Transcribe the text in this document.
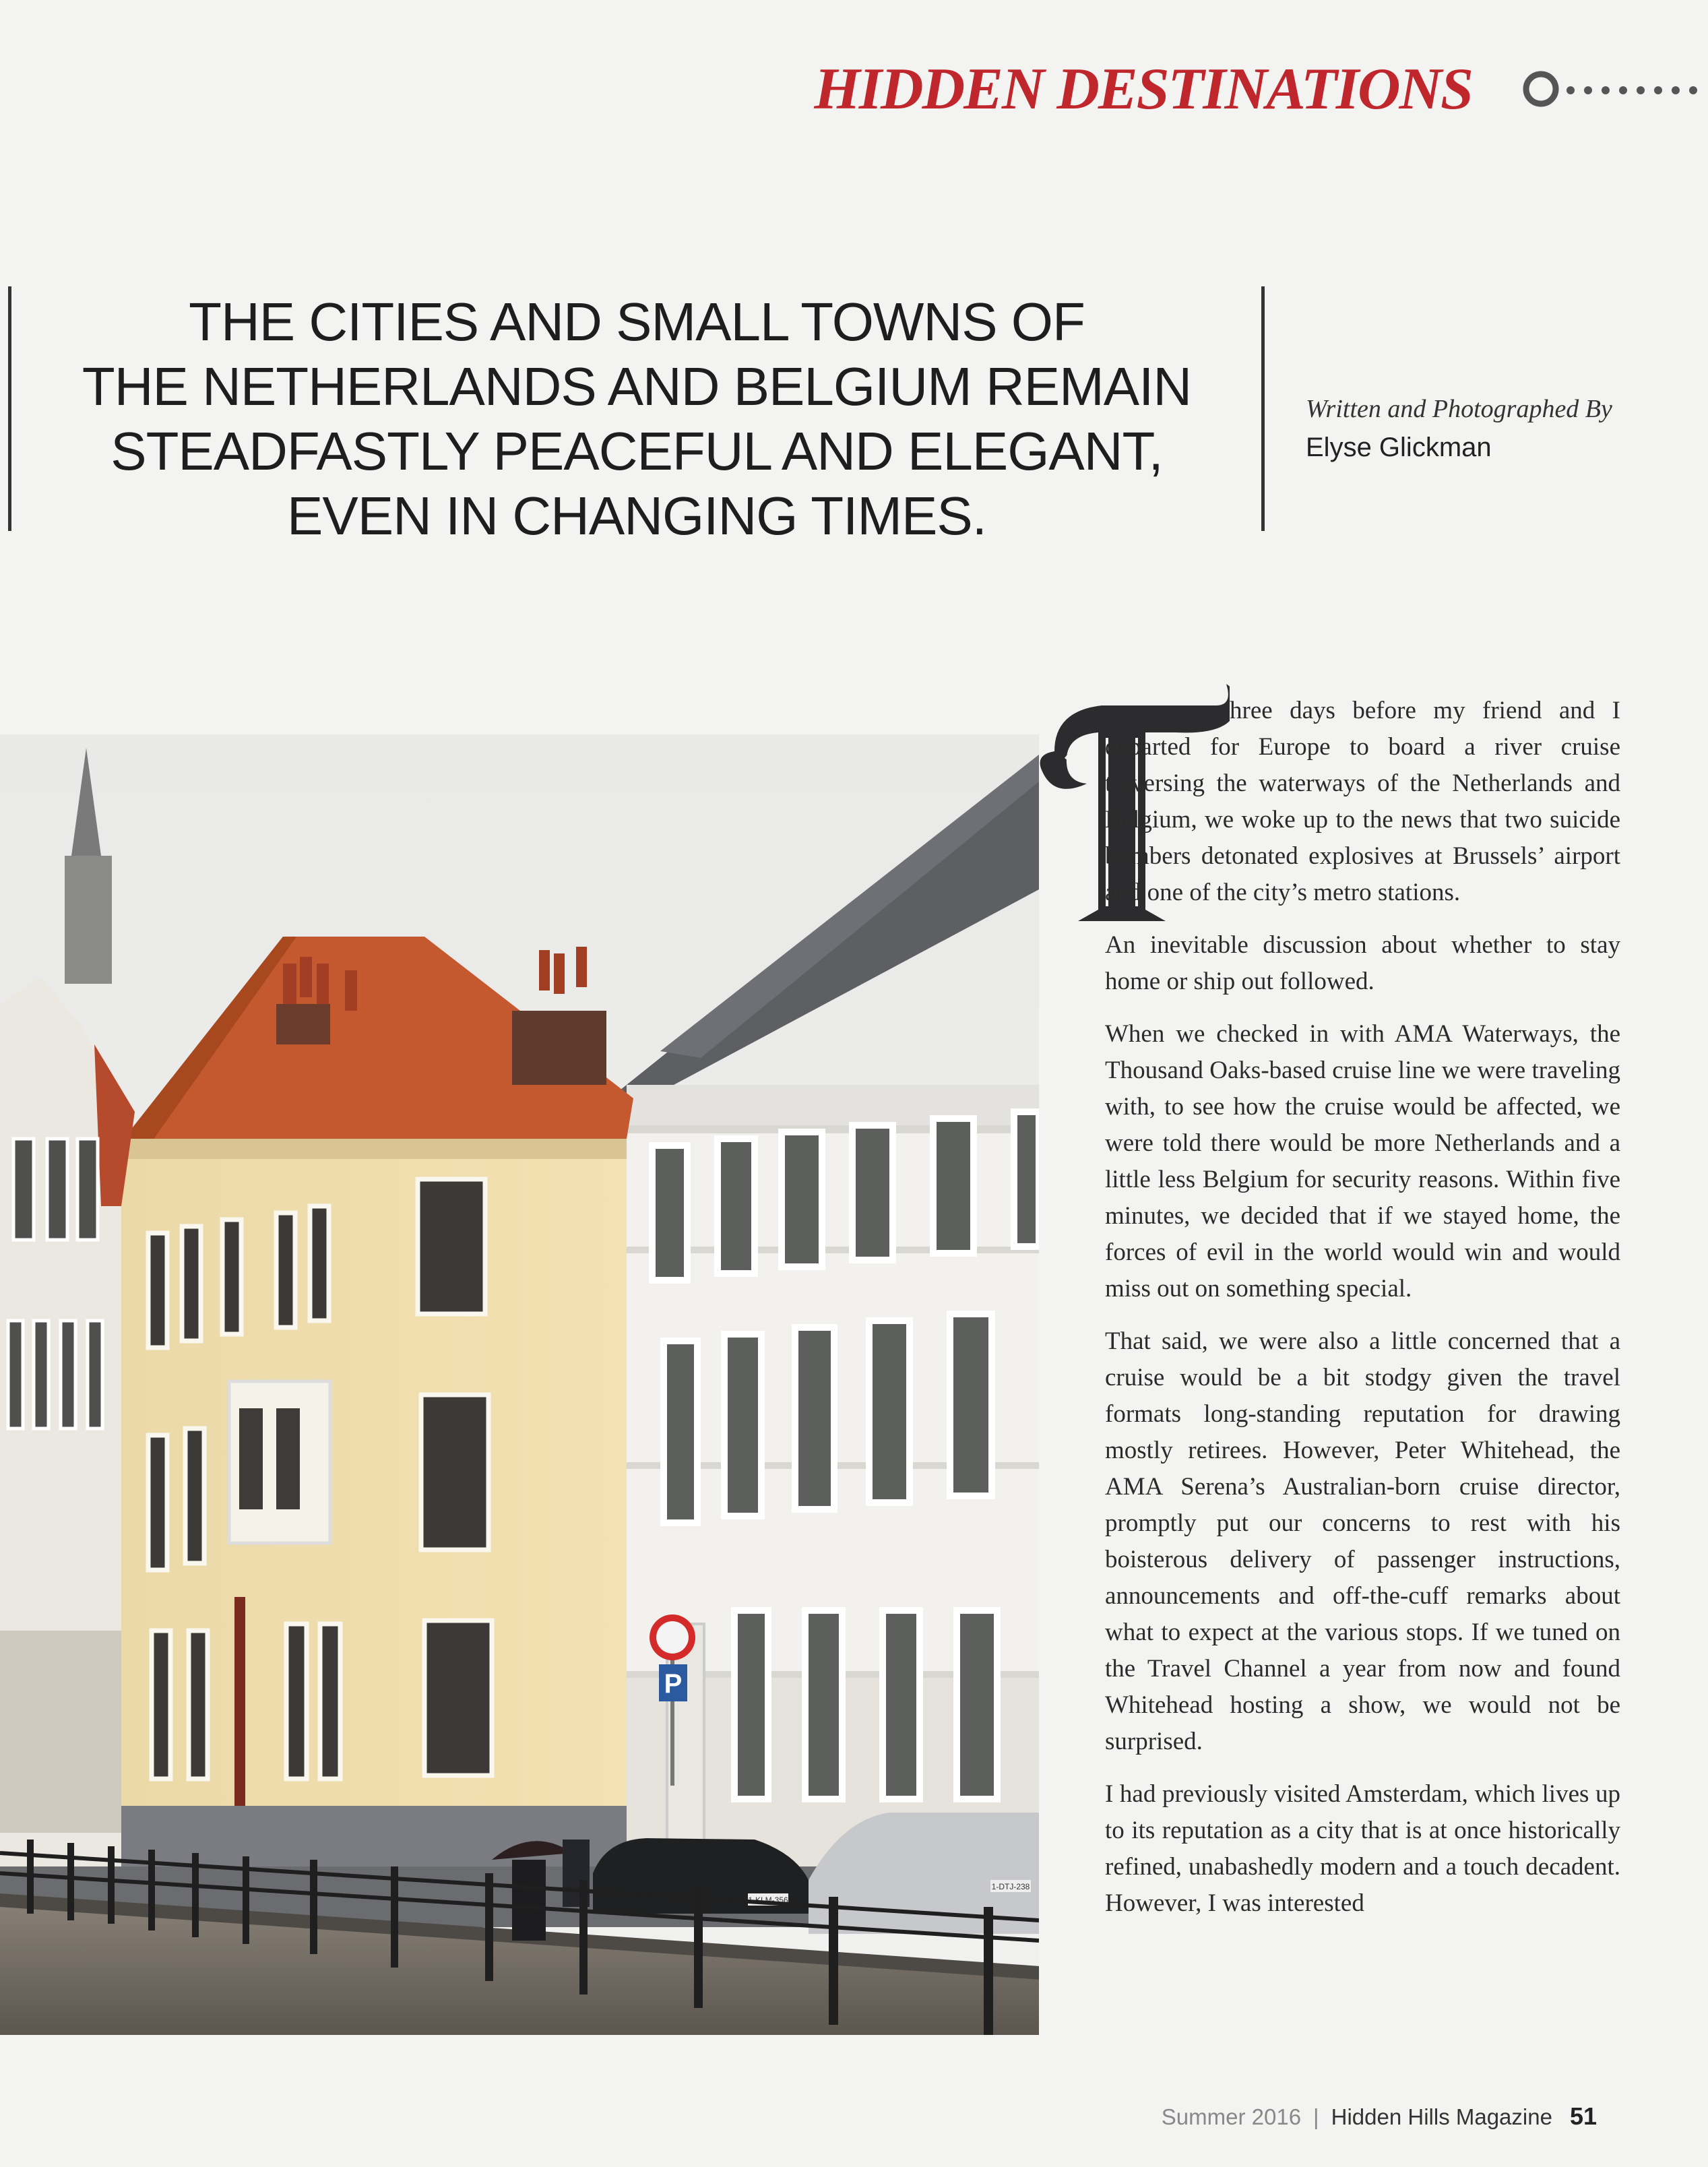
HIDDEN DESTINATIONS
THE CITIES AND SMALL TOWNS OF
THE NETHERLANDS AND BELGIUM REMAIN
STEADFASTLY PEACEFUL AND ELEGANT,
EVEN IN CHANGING TIMES.
Written and Photographed By
Elyse Glickman
P
1-KLM-356
1-DTJ-238

hree days before my friend and I departed for Europe to board a river cruise traversing the waterways of the Netherlands and Belgium, we woke up to the news that two suicide bombers detonated explosives at Brussels’ airport and one of the city’s metro stations.

An inevitable discussion about whether to stay home or ship out followed.

When we checked in with AMA Waterways, the Thousand Oaks-based cruise line we were traveling with, to see how the cruise would be affected, we were told there would be more Netherlands and a little less Belgium for security reasons. Within five minutes, we decided that if we stayed home, the forces of evil in the world would win and would miss out on something special.

That said, we were also a little concerned that a cruise would be a bit stodgy given the travel formats long-standing reputation for drawing mostly retirees. However, Peter Whitehead, the AMA Serena’s Australian-born cruise director, promptly put our concerns to rest with his boisterous delivery of passenger instructions, announcements and off-the-cuff remarks about what to expect at the various stops. If we tuned on the Travel Channel a year from now and found Whitehead hosting a show, we would not be surprised.

I had previously visited Amsterdam, which lives up to its reputation as a city that is at once historically refined, unabashedly modern and a touch decadent. However, I was interested

Summer 2016 | Hidden Hills Magazine 51
